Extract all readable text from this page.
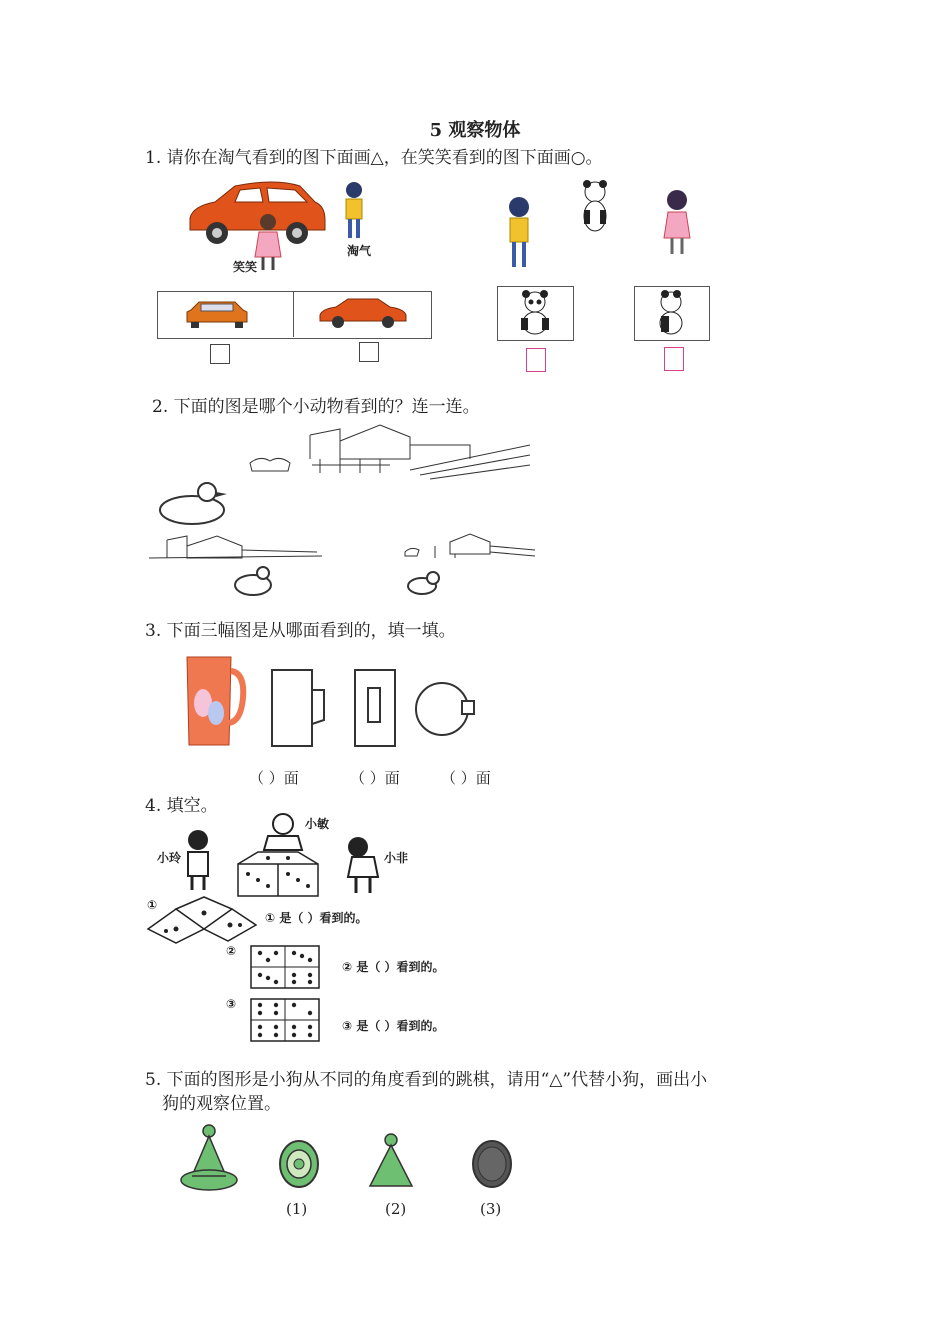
5 观察物体
1. 请你在淘气看到的图下面画△，在笑笑看到的图下面画○。
笑笑
淘气
2. 下面的图是哪个小动物看到的？连一连。
3. 下面三幅图是从哪面看到的，填一填。
（ ）面	（ ）面	（ ）面
4. 填空。
小敏
小玲	小非
①
① 是（ ）看到的。
②
② 是（ ）看到的。
③
③ 是（ ）看到的。
5. 下面的图形是小狗从不同的角度看到的跳棋，请用“△”代替小狗，画出小
狗的观察位置。
(1)	(2)	(3)
